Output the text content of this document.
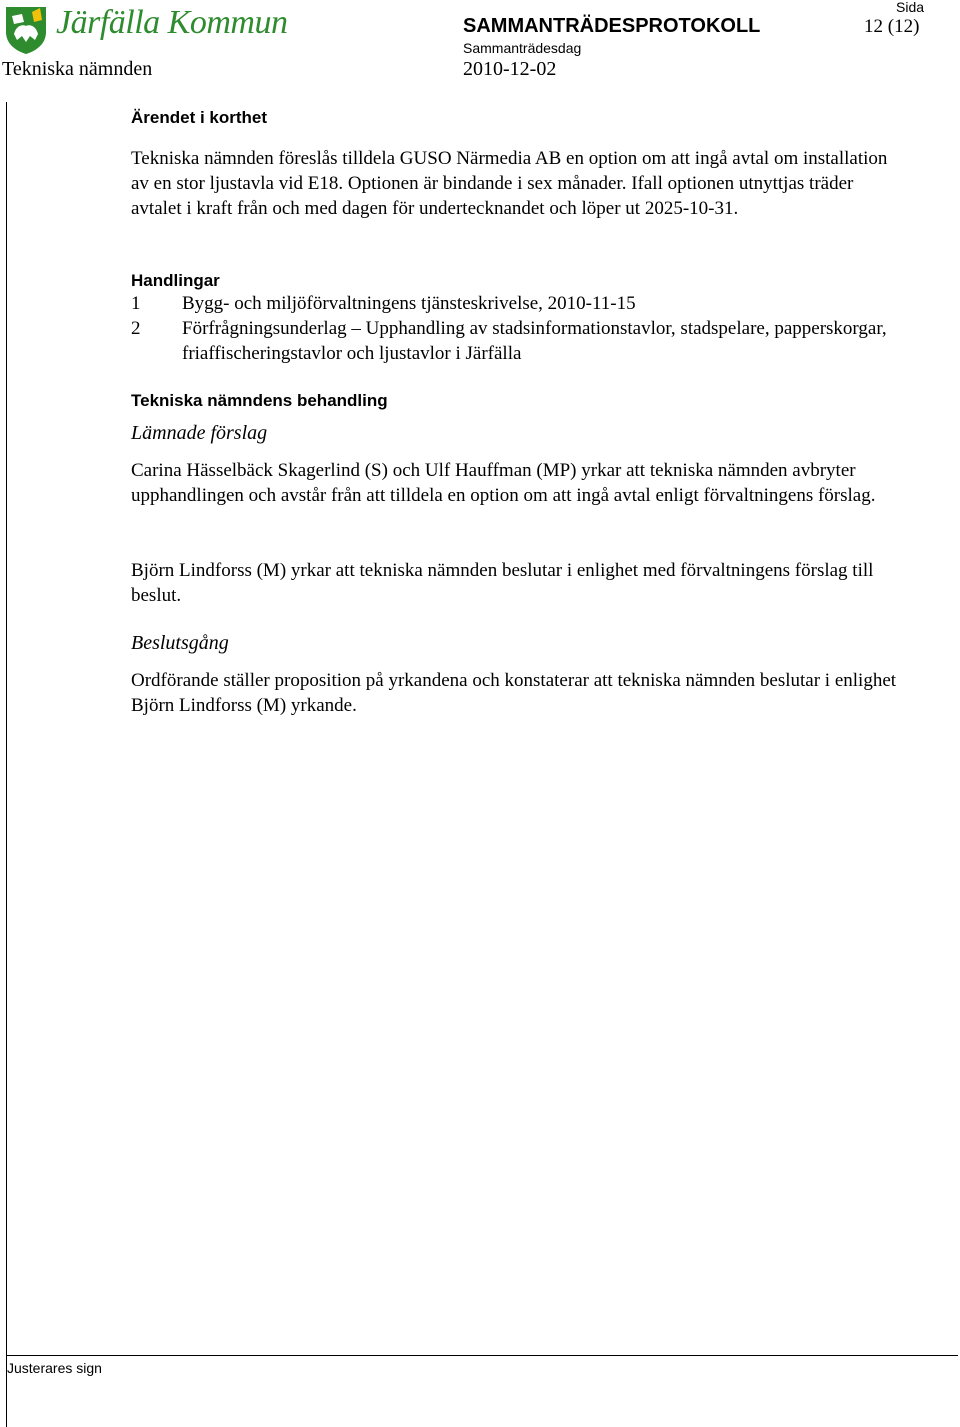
Järfälla Kommun	SAMMANTRÄDESPROTOKOLL
Sammanträdesdag
Sida
12 (12)
Tekniska nämnden	2010-12-02
Ärendet i korthet
Tekniska nämnden föreslås tilldela GUSO Närmedia AB en option om att ingå avtal om installation av en stor ljustavla vid E18. Optionen är bindande i sex månader. Ifall optionen utnyttjas träder avtalet i kraft från och med dagen för undertecknandet och löper ut 2025-10-31.
Handlingar
1 Bygg- och miljöförvaltningens tjänsteskrivelse, 2010-11-15
2 Förfrågningsunderlag – Upphandling av stadsinformationstavlor, stadspelare, papperskorgar, friaffischeringstavlor och ljustavlor i Järfälla
Tekniska nämndens behandling
Lämnade förslag
Carina Hässelbäck Skagerlind (S) och Ulf Hauffman (MP) yrkar att tekniska nämnden avbryter upphandlingen och avstår från att tilldela en option om att ingå avtal enligt förvaltningens förslag.
Björn Lindforss (M) yrkar att tekniska nämnden beslutar i enlighet med förvaltningens förslag till beslut.
Beslutsgång
Ordförande ställer proposition på yrkandena och konstaterar att tekniska nämnden beslutar i enlighet Björn Lindforss (M) yrkande.
Justerares sign
